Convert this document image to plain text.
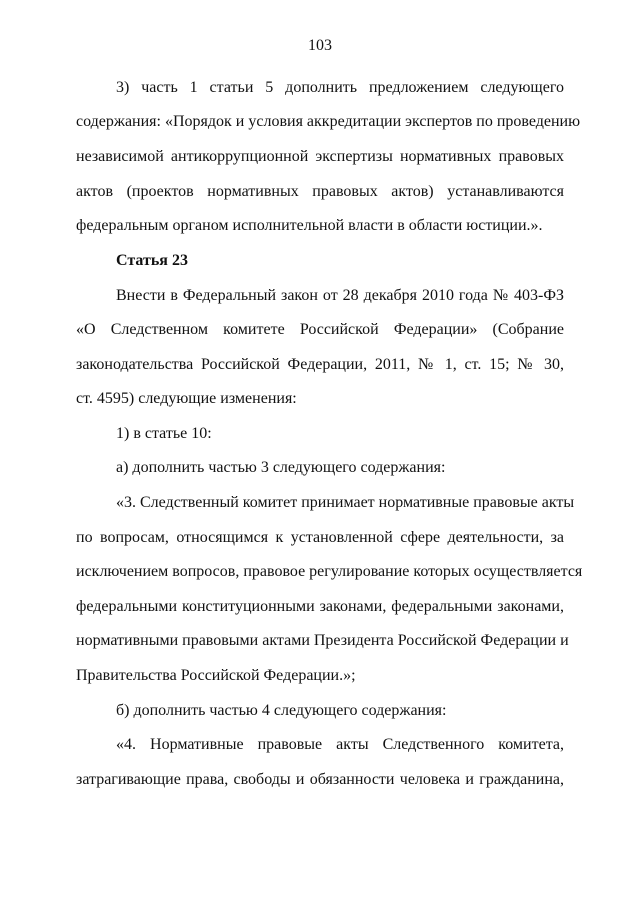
103
3) часть 1 статьи 5 дополнить предложением следующего
содержания: «Порядок и условия аккредитации экспертов по проведению
независимой антикоррупционной экспертизы нормативных правовых
актов (проектов нормативных правовых актов) устанавливаются
федеральным органом исполнительной власти в области юстиции.».
Статья 23
Внести в Федеральный закон от 28 декабря 2010 года № 403-ФЗ
«О Следственном комитете Российской Федерации» (Собрание
законодательства Российской Федерации, 2011, № 1, ст. 15; № 30,
ст. 4595) следующие изменения:
1) в статье 10:
а) дополнить частью 3 следующего содержания:
«3. Следственный комитет принимает нормативные правовые акты
по вопросам, относящимся к установленной сфере деятельности, за
исключением вопросов, правовое регулирование которых осуществляется
федеральными конституционными законами, федеральными законами,
нормативными правовыми актами Президента Российской Федерации и
Правительства Российской Федерации.»;
б) дополнить частью 4 следующего содержания:
«4. Нормативные правовые акты Следственного комитета,
затрагивающие права, свободы и обязанности человека и гражданина,
